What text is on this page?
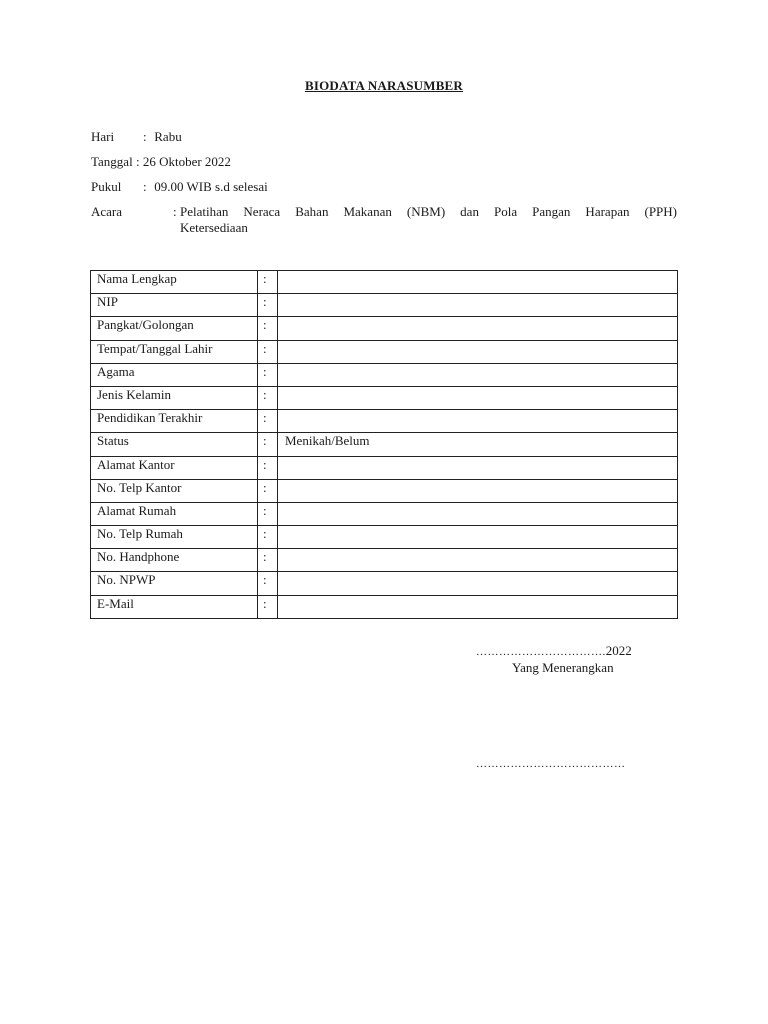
BIODATA NARASUMBER
Hari : Rabu
Tanggal : 26 Oktober 2022
Pukul : 09.00 WIB s.d selesai
Acara	: Pelatihan Neraca Bahan Makanan (NBM) dan Pola Pangan Harapan (PPH)
Ketersediaan
Nama Lengkap	:	
NIP	:	
Pangkat/Golongan	:	
Tempat/Tanggal Lahir	:	
Agama	:	
Jenis Kelamin	:	
Pendidikan Terakhir	:	
Status	:	Menikah/Belum
Alamat Kantor	:	
No. Telp Kantor	:	
Alamat Rumah	:	
No. Telp Rumah	:	
No. Handphone	:	
No. NPWP	:	
E-Mail	:	
…………………………….2022
Yang Menerangkan
…………………………………
